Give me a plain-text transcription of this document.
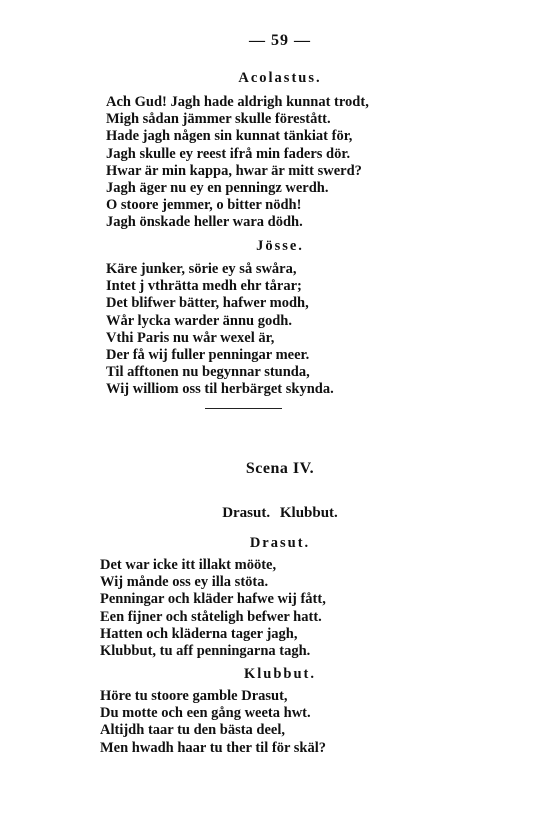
— 59 —
Acolastus.
Ach Gud! Jagh hade aldrigh kunnat trodt,
Migh sådan jämmer skulle förestått.
Hade jagh någen sin kunnat tänkiat för,
Jagh skulle ey reest ifrå min faders dör.
Hwar är min kappa, hwar är mitt swerd?
Jagh äger nu ey en penningz werdh.
O stoore jemmer, o bitter nödh!
Jagh önskade heller wara dödh.
Jösse.
Käre junker, sörie ey så swåra,
Intet j vthrätta medh ehr tårar;
Det blifwer bätter, hafwer modh,
Wår lycka warder ännu godh.
Vthi Paris nu wår wexel är,
Der få wij fuller penningar meer.
Til afftonen nu begynnar stunda,
Wij williom oss til herbärget skynda.
Scena IV.
Drasut. Klubbut.
Drasut.
Det war icke itt illakt mööte,
Wij månde oss ey illa stöta.
Penningar och kläder hafwe wij fått,
Een fijner och ståteligh befwer hatt.
Hatten och kläderna tager jagh,
Klubbut, tu aff penningarna tagh.
Klubbut.
Höre tu stoore gamble Drasut,
Du motte och een gång weeta hwt.
Altijdh taar tu den bästa deel,
Men hwadh haar tu ther til för skäl?
